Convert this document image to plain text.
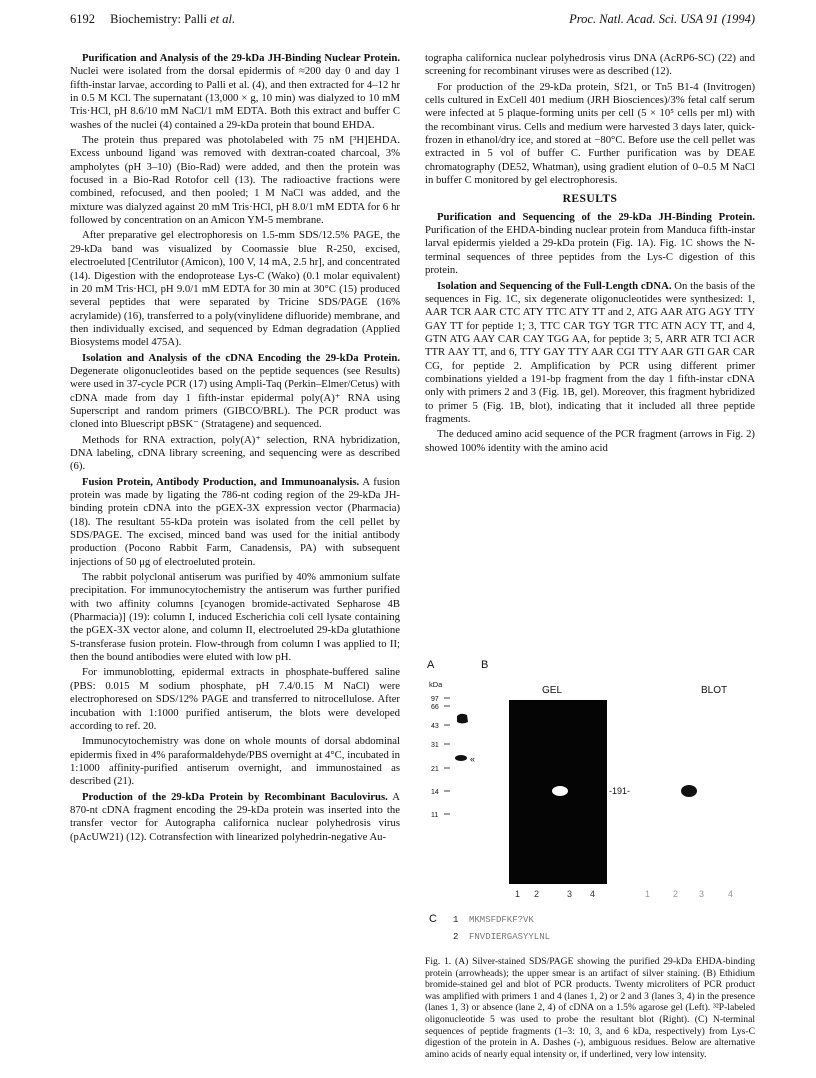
6192 Biochemistry: Palli et al.	Proc. Natl. Acad. Sci. USA 91 (1994)

Purification and Analysis of the 29-kDa JH-Binding Nuclear Protein. Nuclei were isolated from the dorsal epidermis of ≈200 day 0 and day 1 fifth-instar larvae, according to Palli et al. (4), and then extracted for 4–12 hr in 0.5 M KCl. The supernatant (13,000 × g, 10 min) was dialyzed to 10 mM Tris·HCl, pH 8.6/10 mM NaCl/1 mM EDTA. Both this extract and buffer C washes of the nuclei (4) contained a 29-kDa protein that bound EHDA.

The protein thus prepared was photolabeled with 75 nM [³H]EHDA. Excess unbound ligand was removed with dextran-coated charcoal, 3% ampholytes (pH 3–10) (Bio-Rad) were added, and then the protein was focused in a Bio-Rad Rotofor cell (13). The radioactive fractions were combined, refocused, and then pooled; 1 M NaCl was added, and the mixture was dialyzed against 20 mM Tris·HCl, pH 8.0/1 mM EDTA for 6 hr followed by concentration on an Amicon YM-5 membrane.

After preparative gel electrophoresis on 1.5-mm SDS/12.5% PAGE, the 29-kDa band was visualized by Coomassie blue R-250, excised, electroeluted [Centrilutor (Amicon), 100 V, 14 mA, 2.5 hr], and concentrated (14). Digestion with the endoprotease Lys-C (Wako) (0.1 molar equivalent) in 20 mM Tris·HCl, pH 9.0/1 mM EDTA for 30 min at 30°C (15) produced several peptides that were separated by Tricine SDS/PAGE (16% acrylamide) (16), transferred to a poly(vinylidene difluoride) membrane, and then individually excised, and sequenced by Edman degradation (Applied Biosystems model 475A).

Isolation and Analysis of the cDNA Encoding the 29-kDa Protein. Degenerate oligonucleotides based on the peptide sequences (see Results) were used in 37-cycle PCR (17) using Ampli-Taq (Perkin–Elmer/Cetus) with cDNA made from day 1 fifth-instar epidermal poly(A)⁺ RNA using Superscript and random primers (GIBCO/BRL). The PCR product was cloned into Bluescript pBSK⁻ (Stratagene) and sequenced.

Methods for RNA extraction, poly(A)⁺ selection, RNA hybridization, DNA labeling, cDNA library screening, and sequencing were as described (6).

Fusion Protein, Antibody Production, and Immunoanalysis. A fusion protein was made by ligating the 786-nt coding region of the 29-kDa JH-binding protein cDNA into the pGEX-3X expression vector (Pharmacia) (18). The resultant 55-kDa protein was isolated from the cell pellet by SDS/PAGE. The excised, minced band was used for the initial antibody production (Pocono Rabbit Farm, Canadensis, PA) with subsequent injections of 50 μg of electroeluted protein.

The rabbit polyclonal antiserum was purified by 40% ammonium sulfate precipitation. For immunocytochemistry the antiserum was further purified with two affinity columns [cyanogen bromide-activated Sepharose 4B (Pharmacia)] (19): column I, induced Escherichia coli cell lysate containing the pGEX-3X vector alone, and column II, electroeluted 29-kDa glutathione S-transferase fusion protein. Flow-through from column I was applied to II; then the bound antibodies were eluted with low pH.

For immunoblotting, epidermal extracts in phosphate-buffered saline (PBS: 0.015 M sodium phosphate, pH 7.4/0.15 M NaCl) were electrophoresed on SDS/12% PAGE and transferred to nitrocellulose. After incubation with 1:1000 purified antiserum, the blots were developed according to ref. 20.

Immunocytochemistry was done on whole mounts of dorsal abdominal epidermis fixed in 4% paraformaldehyde/PBS overnight at 4°C, incubated in 1:1000 affinity-purified antiserum overnight, and immunostained as described (21).

Production of the 29-kDa Protein by Recombinant Baculovirus. A 870-nt cDNA fragment encoding the 29-kDa protein was inserted into the transfer vector for Autographa californica nuclear polyhedrosis virus (pAcUW21) (12). Cotransfection with linearized polyhedrin-negative Au-

tographa californica nuclear polyhedrosis virus DNA (AcRP6-SC) (22) and screening for recombinant viruses were as described (12).

For production of the 29-kDa protein, Sf21, or Tn5 B1-4 (Invitrogen) cells cultured in ExCell 401 medium (JRH Biosciences)/3% fetal calf serum were infected at 5 plaque-forming units per cell (5 × 10⁵ cells per ml) with the recombinant virus. Cells and medium were harvested 3 days later, quick-frozen in ethanol/dry ice, and stored at −80°C. Before use the cell pellet was extracted in 5 vol of buffer C. Further purification was by DEAE chromatography (DE52, Whatman), using gradient elution of 0–0.5 M NaCl in buffer C monitored by gel electrophoresis.

RESULTS

Purification and Sequencing of the 29-kDa JH-Binding Protein. Purification of the EHDA-binding nuclear protein from Manduca fifth-instar larval epidermis yielded a 29-kDa protein (Fig. 1A). Fig. 1C shows the N-terminal sequences of three peptides from the Lys-C digestion of this protein.

Isolation and Sequencing of the Full-Length cDNA. On the basis of the sequences in Fig. 1C, six degenerate oligonucleotides were synthesized: 1, AAR TCR AAR CTC ATY TTC ATY TT and 2, ATG AAR ATG AGY TTY GAY TT for peptide 1; 3, TTC CAR TGY TGR TTC ATN ACY TT, and 4, GTN ATG AAY CAR CAY TGG AA, for peptide 3; 5, ARR ATR TCI ACR TTR AAY TT, and 6, TTY GAY TTY AAR CGI TTY AAR GTI GAR CAR CG, for peptide 2. Amplification by PCR using different primer combinations yielded a 191-bp fragment from the day 1 fifth-instar cDNA only with primers 2 and 3 (Fig. 1B, gel). Moreover, this fragment hybridized to primer 5 (Fig. 1B, blot), indicating that it included all three peptide fragments.

The deduced amino acid sequence of the PCR fragment (arrows in Fig. 2) showed 100% identity with the amino acid

A	B
kDa
97
66
43
31
21
14
11
«
GEL
-191-
BLOT
1 2	3 4	1	2 3	4
C 1 MKMSFDFKF?VK
2 FNVDIERGASYYLNL

Fig. 1. (A) Silver-stained SDS/PAGE showing the purified 29-kDa EHDA-binding protein (arrowheads); the upper smear is an artifact of silver staining. (B) Ethidium bromide-stained gel and blot of PCR products. Twenty microliters of PCR product was amplified with primers 1 and 4 (lanes 1, 2) or 2 and 3 (lanes 3, 4) in the presence (lanes 1, 3) or absence (lane 2, 4) of cDNA on a 1.5% agarose gel (Left). ³²P-labeled oligonucleotide 5 was used to probe the resultant blot (Right). (C) N-terminal sequences of peptide fragments (1–3: 10, 3, and 6 kDa, respectively) from Lys-C digestion of the protein in A. Dashes (-), ambiguous residues. Below are alternative amino acids of nearly equal intensity or, if underlined, very low intensity.
